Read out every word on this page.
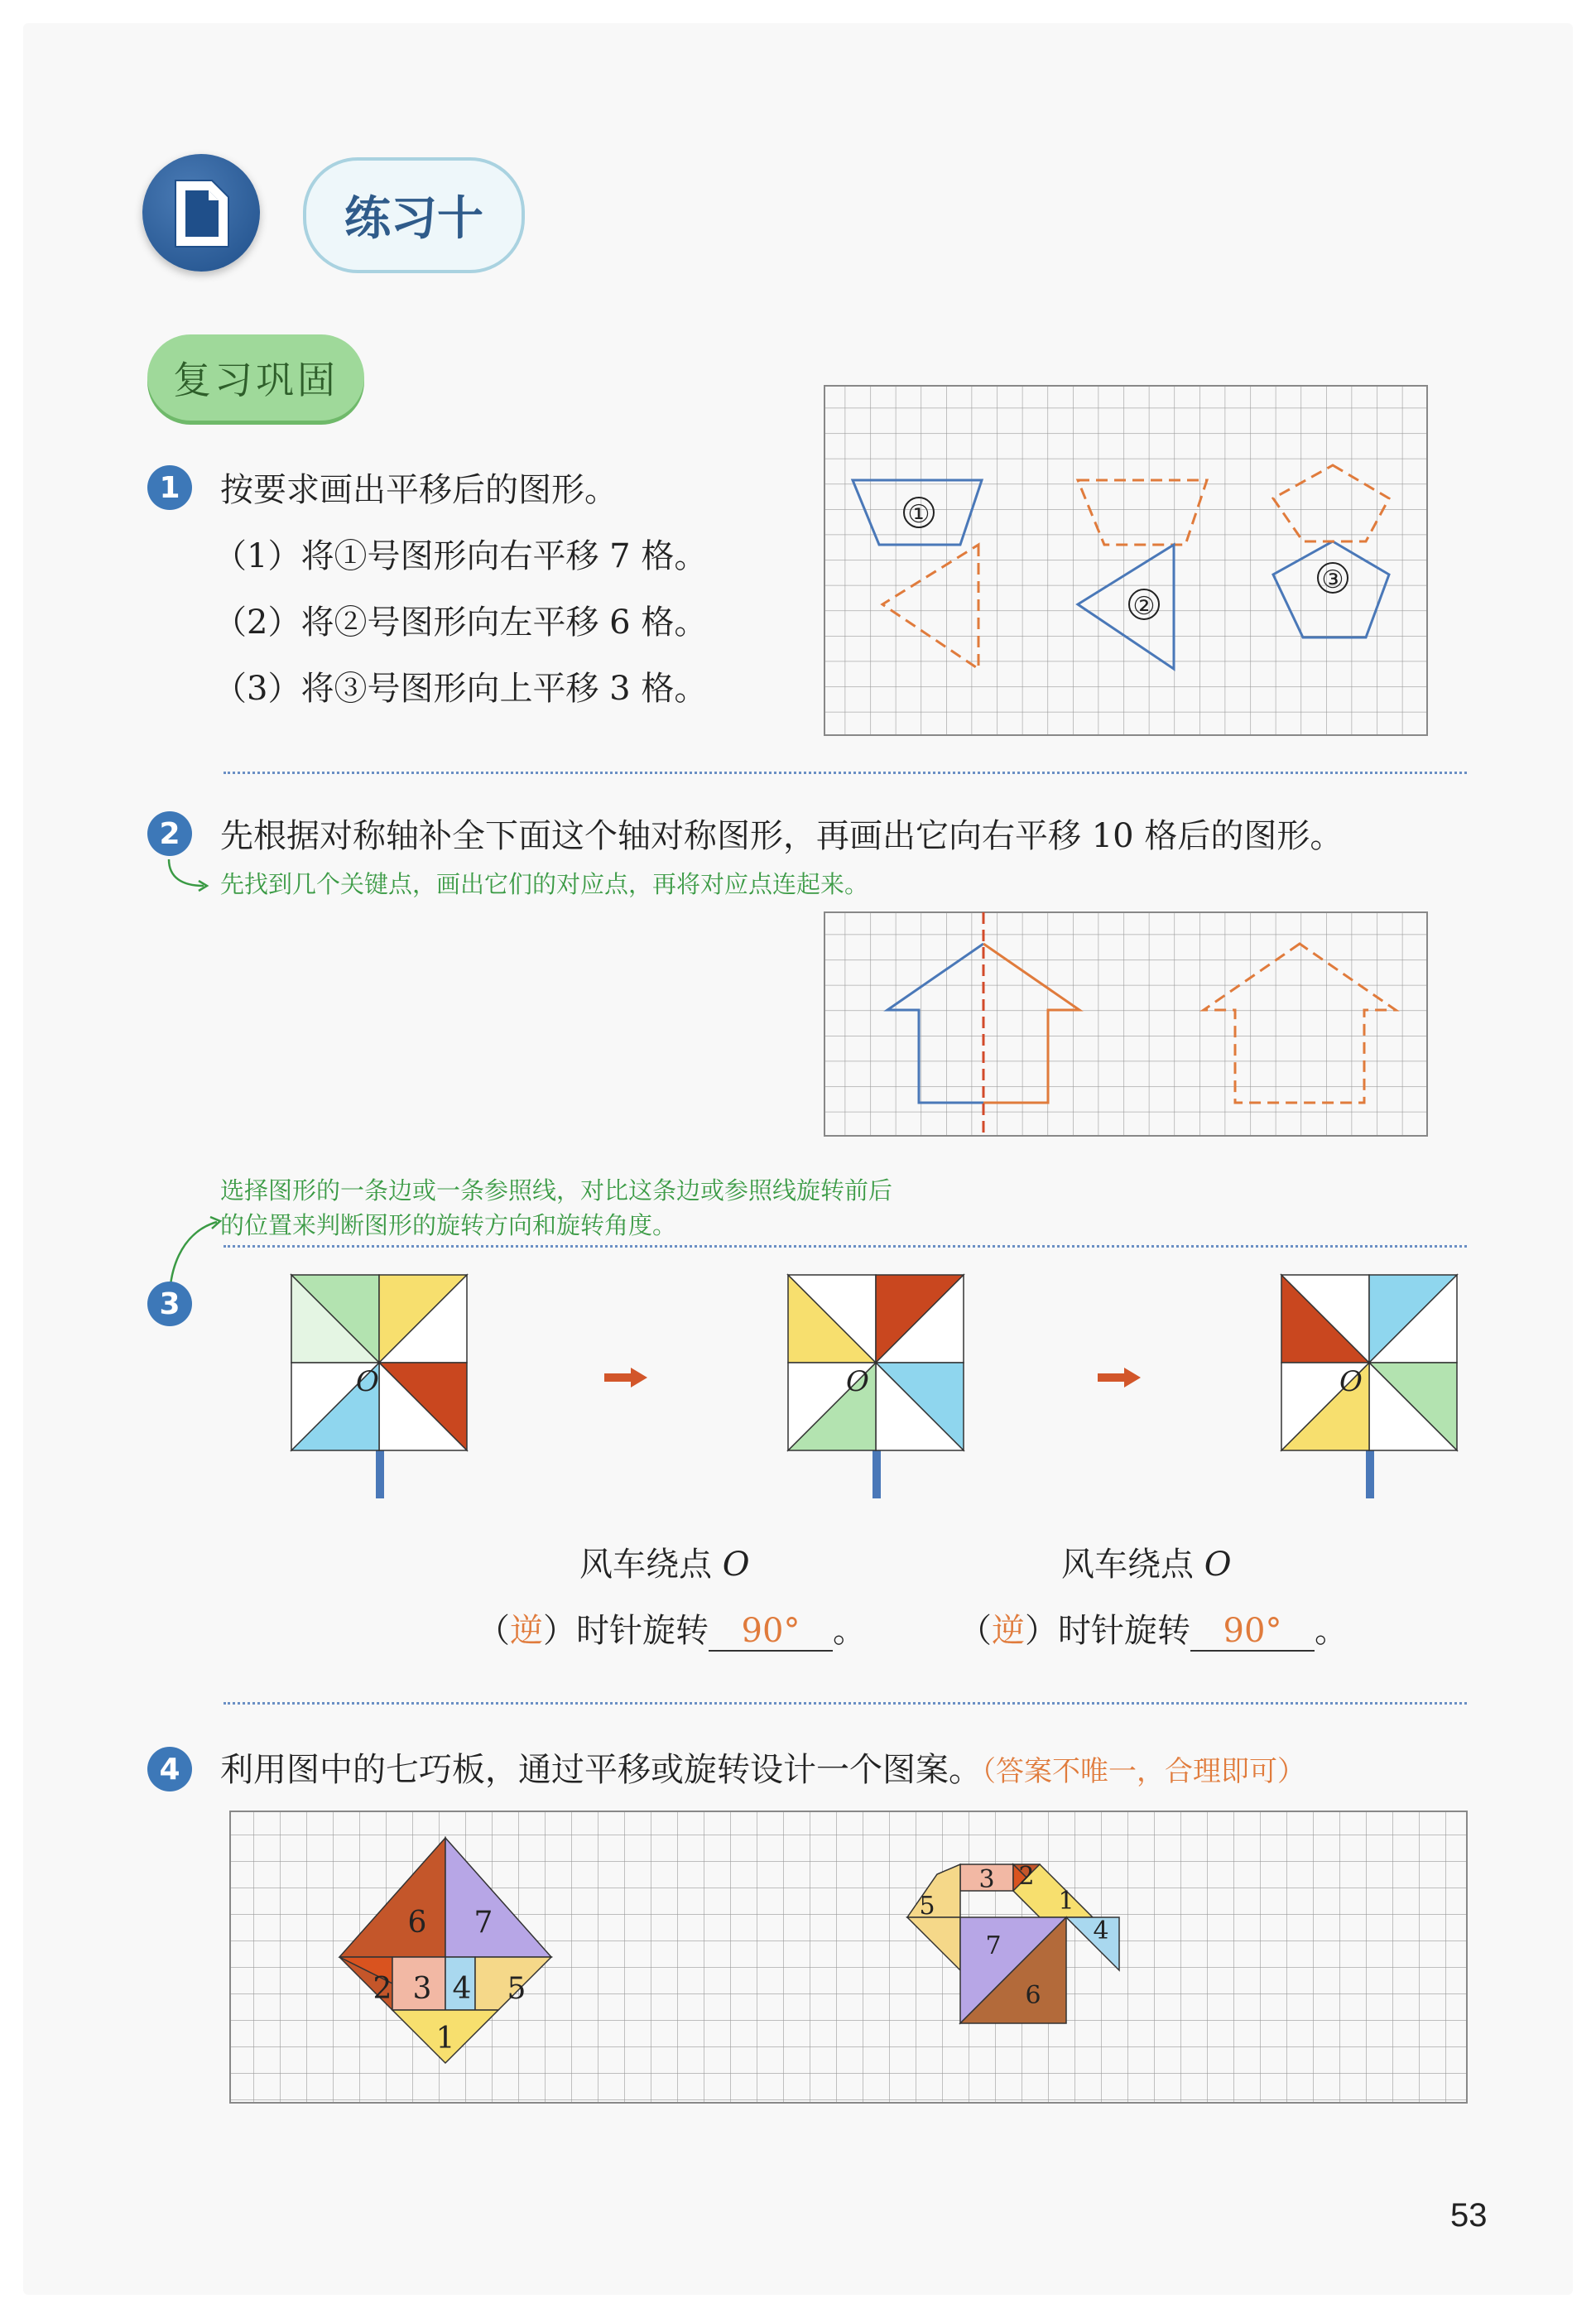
练习十
复习巩固
1	按要求画出平移后的图形。
（1）将①号图形向右平移 7 格。
（2）将②号图形向左平移 6 格。
（3）将③号图形向上平移 3 格。
①
②
③
2	先根据对称轴补全下面这个轴对称图形，再画出它向右平移 10 格后的图形。
先找到几个关键点，画出它们的对应点，再将对应点连起来。
选择图形的一条边或一条参照线，对比这条边或参照线旋转前后
的位置来判断图形的旋转方向和旋转角度。
3
O	O	O
风车绕点 O
（逆）时针旋转 90° 。
风车绕点 O
（逆）时针旋转 90° 。
4	利用图中的七巧板，通过平移或旋转设计一个图案。（答案不唯一，合理即可）
6 7
2 3 4 5
1
3 2
5	1
4
7
6
53
